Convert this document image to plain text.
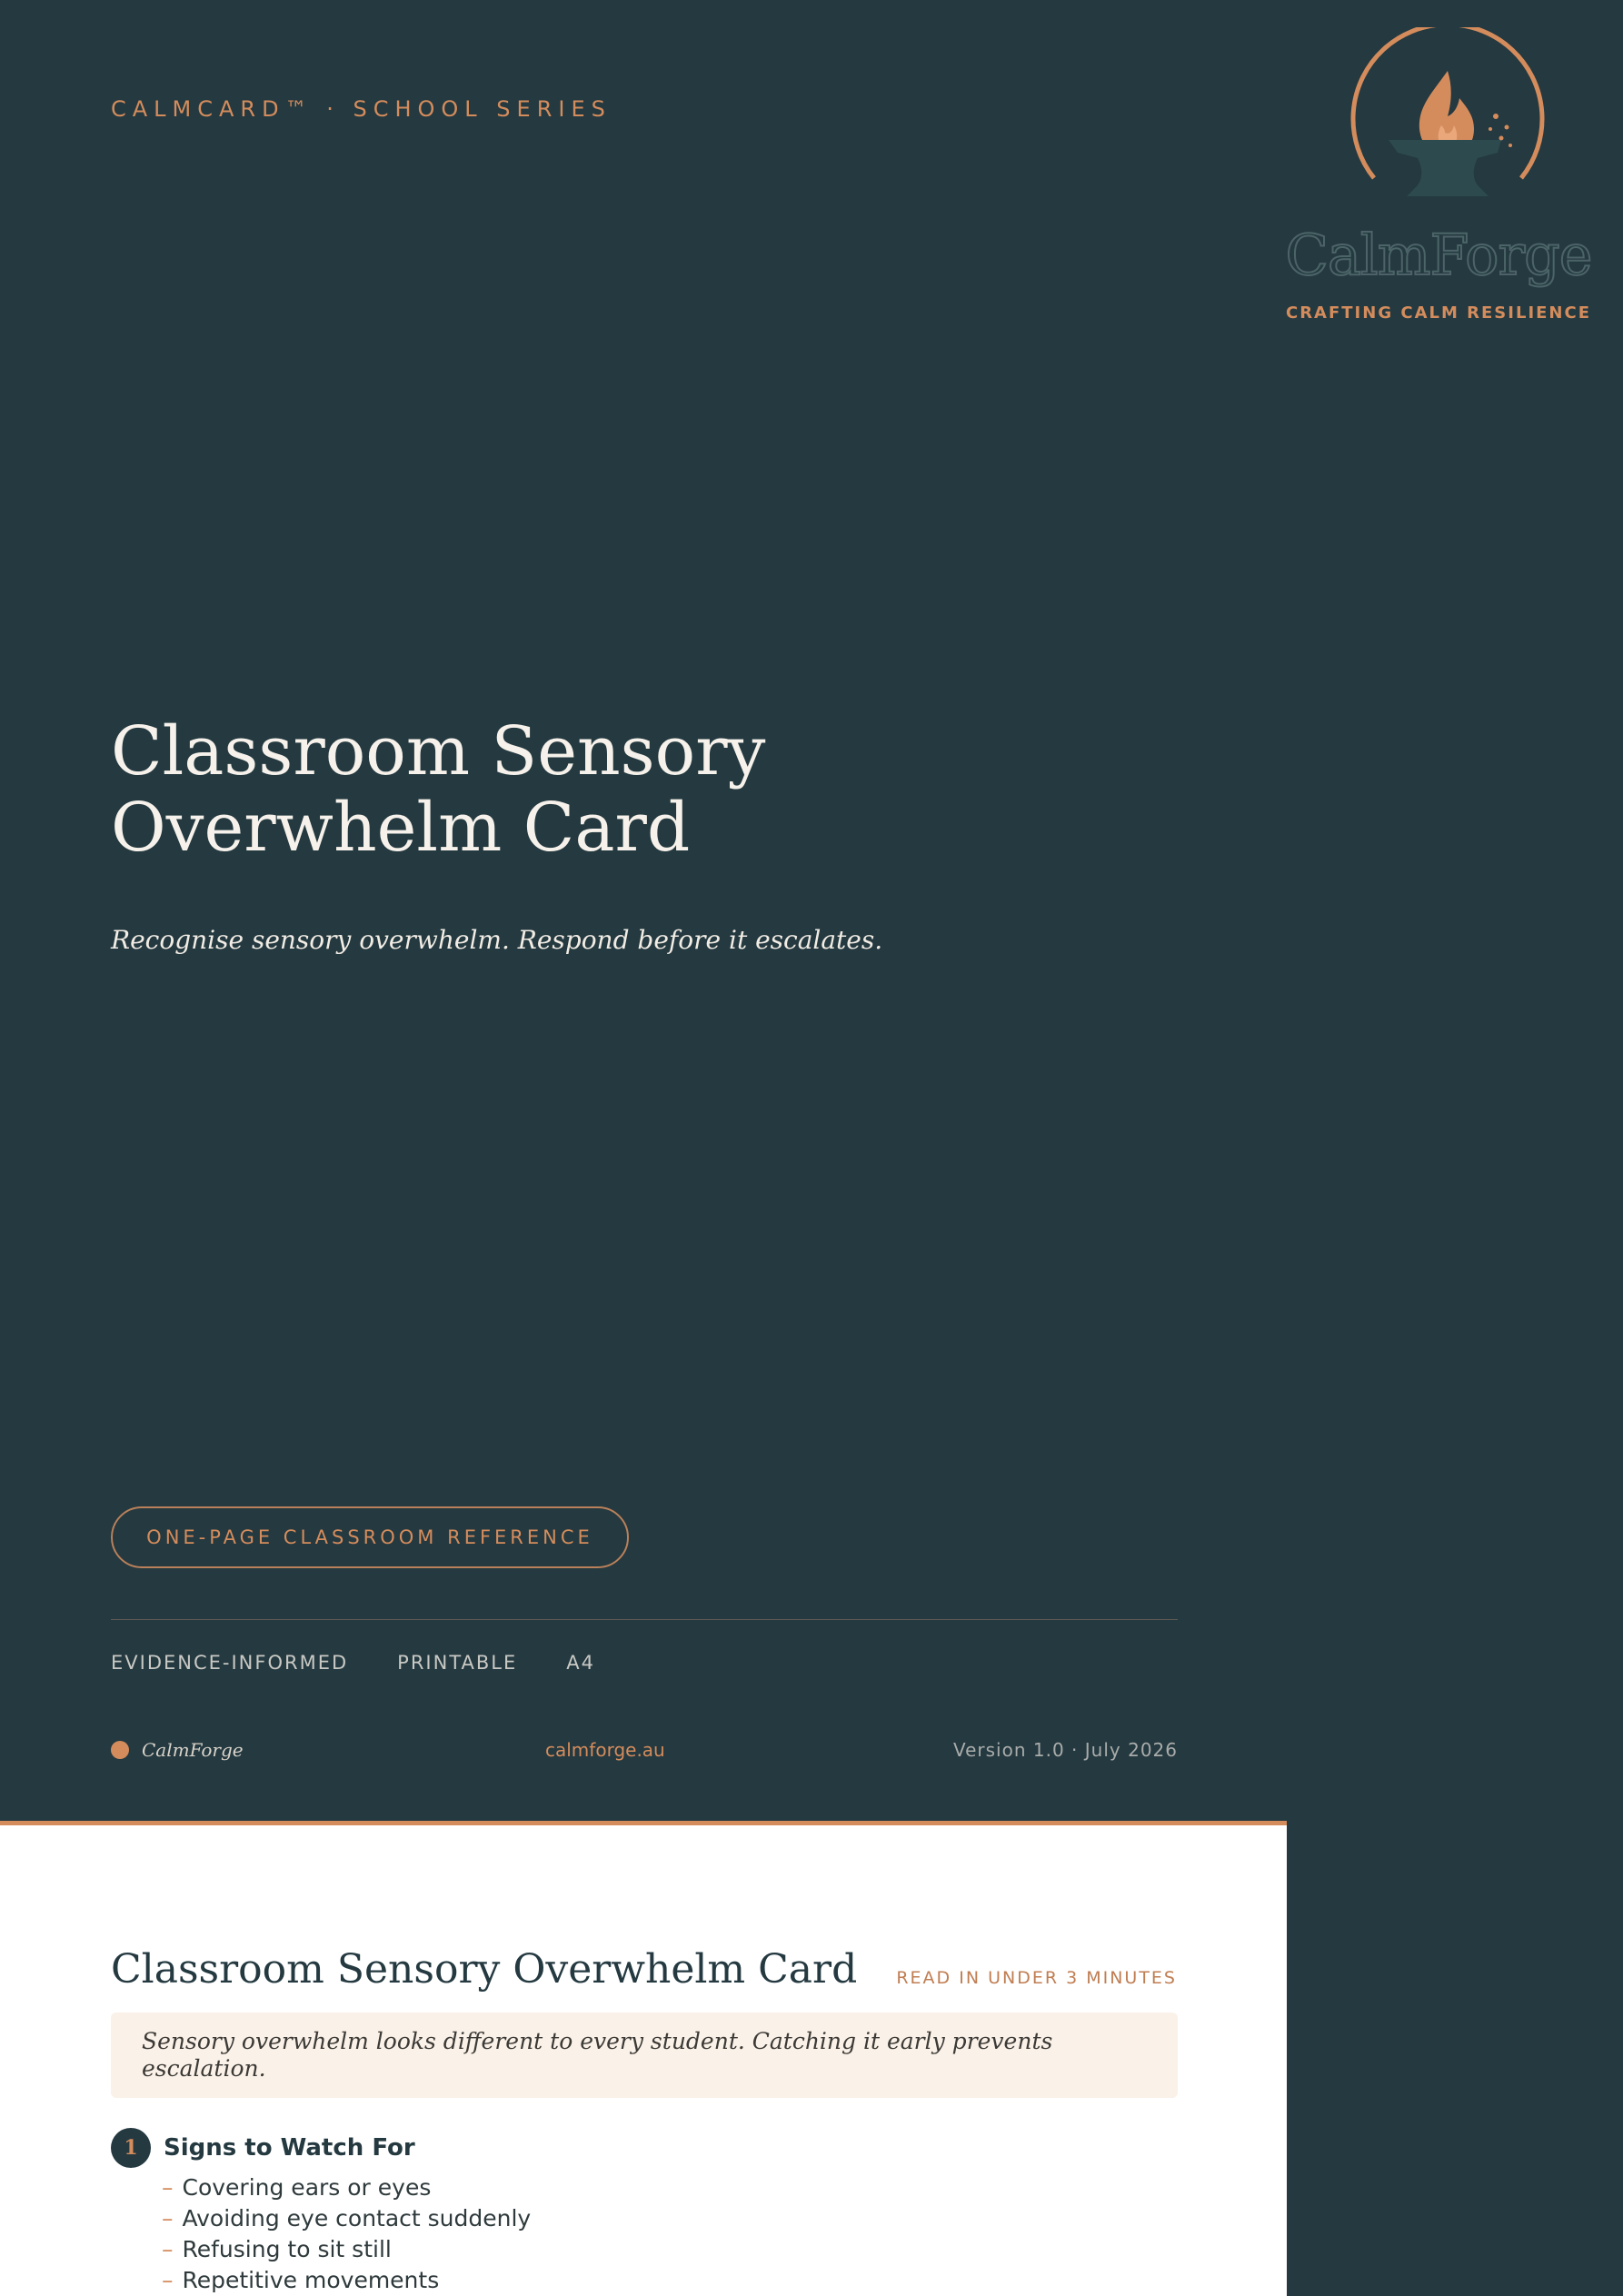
CALMCARD™ · SCHOOL SERIES
CalmForge
CRAFTING CALM RESILIENCE
Classroom Sensory
Overwhelm Card
Recognise sensory overwhelm. Respond before it escalates.
ONE-PAGE CLASSROOM REFERENCE
EVIDENCE-INFORMED	PRINTABLE	A4
CalmForge	calmforge.au	Version 1.0 · July 2026
Classroom Sensory Overwhelm Card READ IN UNDER 3 MINUTES
Sensory overwhelm looks different to every student. Catching it early prevents escalation.
1	Signs to Watch For
– Covering ears or eyes
– Avoiding eye contact suddenly
– Refusing to sit still
– Repetitive movements
